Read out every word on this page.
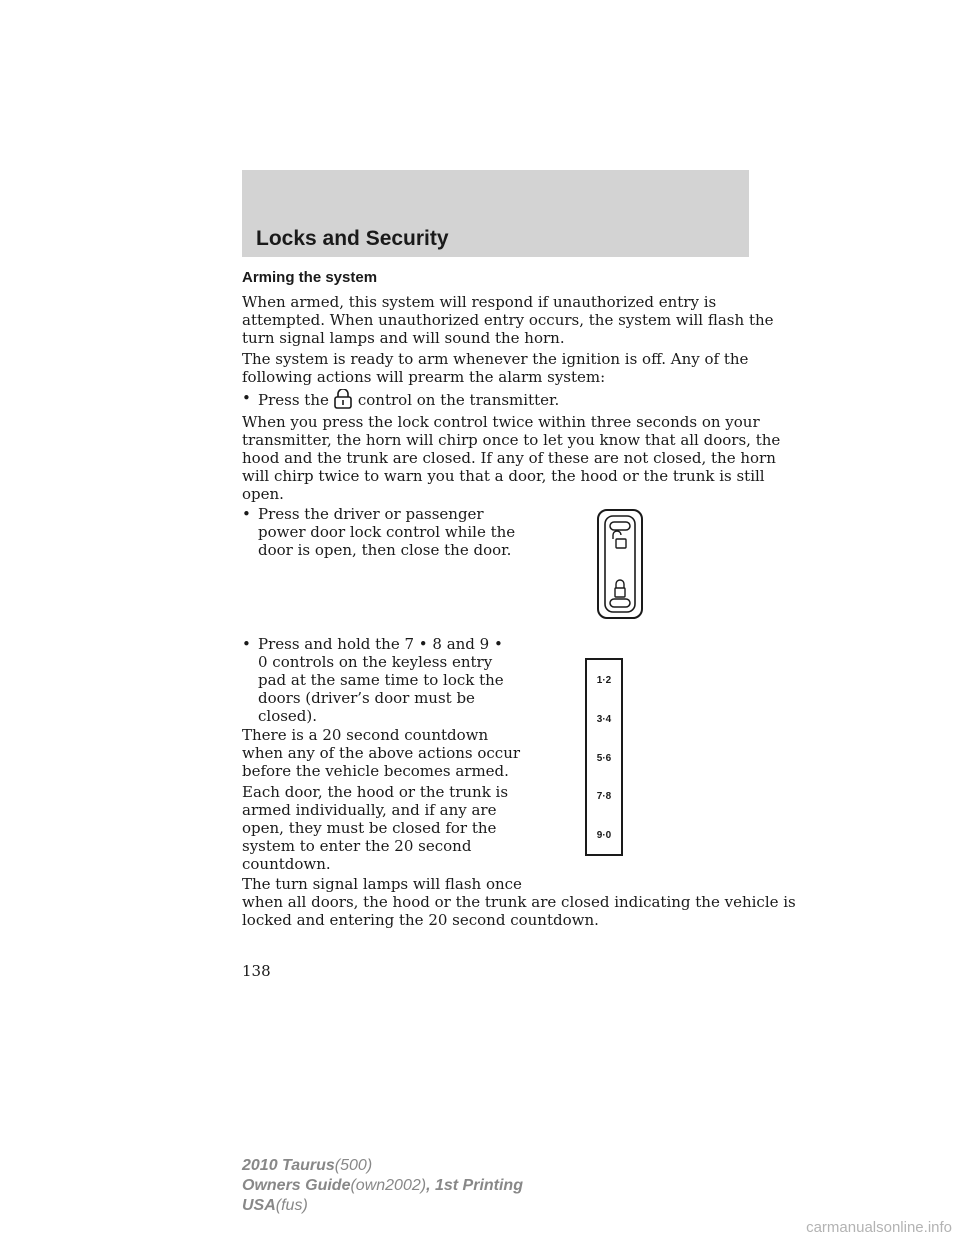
Locks and Security
Arming the system
When armed, this system will respond if unauthorized entry is
attempted. When unauthorized entry occurs, the system will flash the
turn signal lamps and will sound the horn.
The system is ready to arm whenever the ignition is off. Any of the
following actions will prearm the alarm system:
• Press the control on the transmitter.
When you press the lock control twice within three seconds on your
transmitter, the horn will chirp once to let you know that all doors, the
hood and the trunk are closed. If any of these are not closed, the horn
will chirp twice to warn you that a door, the hood or the trunk is still
open.
• Press the driver or passenger
power door lock control while the
door is open, then close the door.
• Press and hold the 7 • 8 and 9 •
0 controls on the keyless entry
pad at the same time to lock the
doors (driver’s door must be
closed).
1·2
3·4
5·6
7·8
9·0
There is a 20 second countdown
when any of the above actions occur
before the vehicle becomes armed.
Each door, the hood or the trunk is
armed individually, and if any are
open, they must be closed for the
system to enter the 20 second
countdown.
The turn signal lamps will flash once
when all doors, the hood or the trunk are closed indicating the vehicle is
locked and entering the 20 second countdown.
138
2010 Taurus(500)
Owners Guide(own2002), 1st Printing
USA(fus)
carmanualsonline.info
